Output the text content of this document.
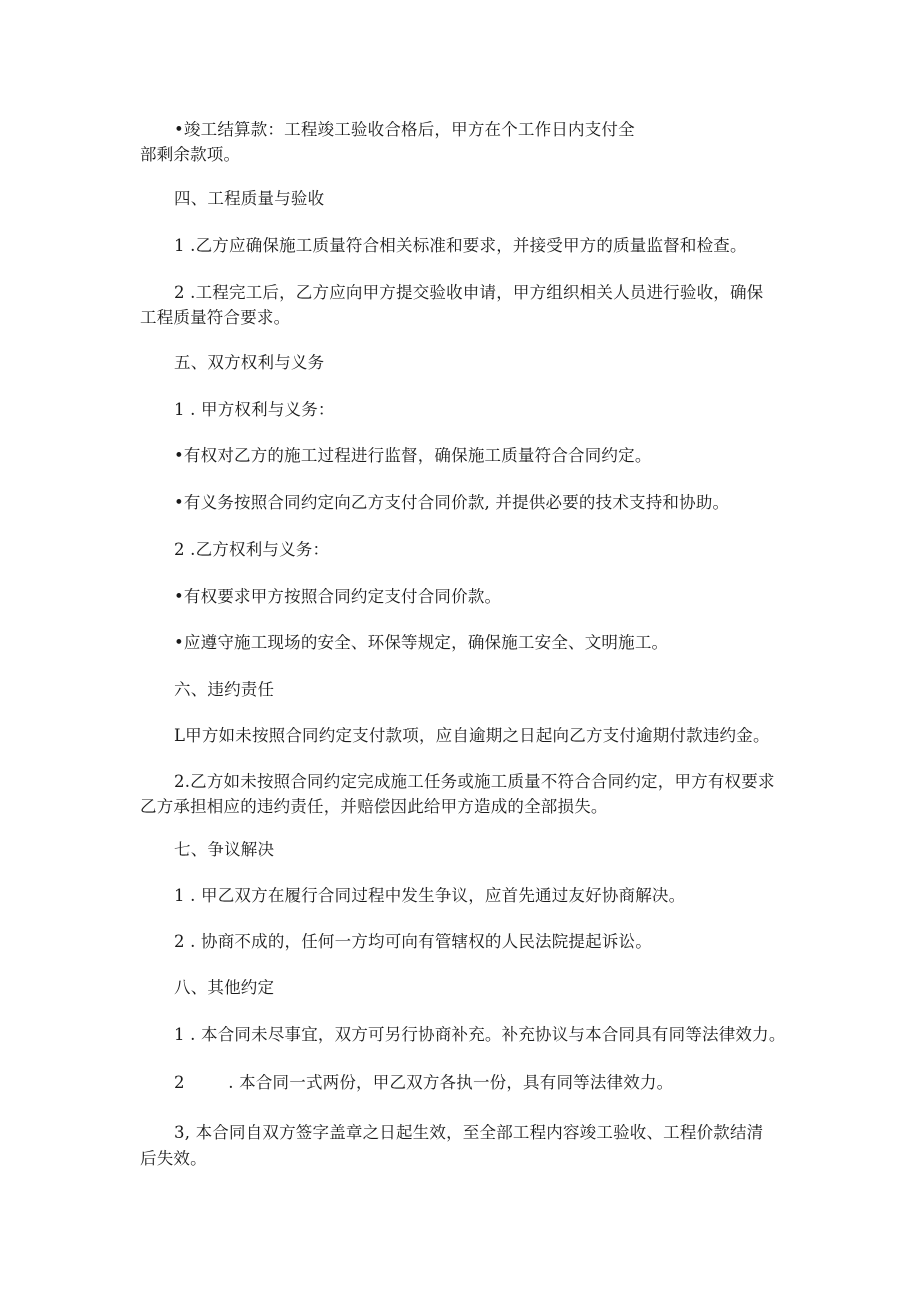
•竣工结算款：工程竣工验收合格后，甲方在个工作日内支付全
部剩余款项。
四、工程质量与验收
1 .乙方应确保施工质量符合相关标准和要求，并接受甲方的质量监督和检查。
2 .工程完工后，乙方应向甲方提交验收申请，甲方组织相关人员进行验收，确保
工程质量符合要求。
五、双方权利与义务
1 . 甲方权利与义务：
•有权对乙方的施工过程进行监督，确保施工质量符合合同约定。
•有义务按照合同约定向乙方支付合同价款, 并提供必要的技术支持和协助。
2 .乙方权利与义务：
•有权要求甲方按照合同约定支付合同价款。
•应遵守施工现场的安全、环保等规定，确保施工安全、文明施工。
六、违约责任
L甲方如未按照合同约定支付款项，应自逾期之日起向乙方支付逾期付款违约金。
2.乙方如未按照合同约定完成施工任务或施工质量不符合合同约定，甲方有权要求
乙方承担相应的违约责任，并赔偿因此给甲方造成的全部损失。
七、争议解决
1 . 甲乙双方在履行合同过程中发生争议，应首先通过友好协商解决。
2 . 协商不成的，任何一方均可向有管辖权的人民法院提起诉讼。
八、其他约定
1 . 本合同未尽事宜，双方可另行协商补充。补充协议与本合同具有同等法律效力。
2        . 本合同一式两份，甲乙双方各执一份，具有同等法律效力。
3, 本合同自双方签字盖章之日起生效，至全部工程内容竣工验收、工程价款结清
后失效。
